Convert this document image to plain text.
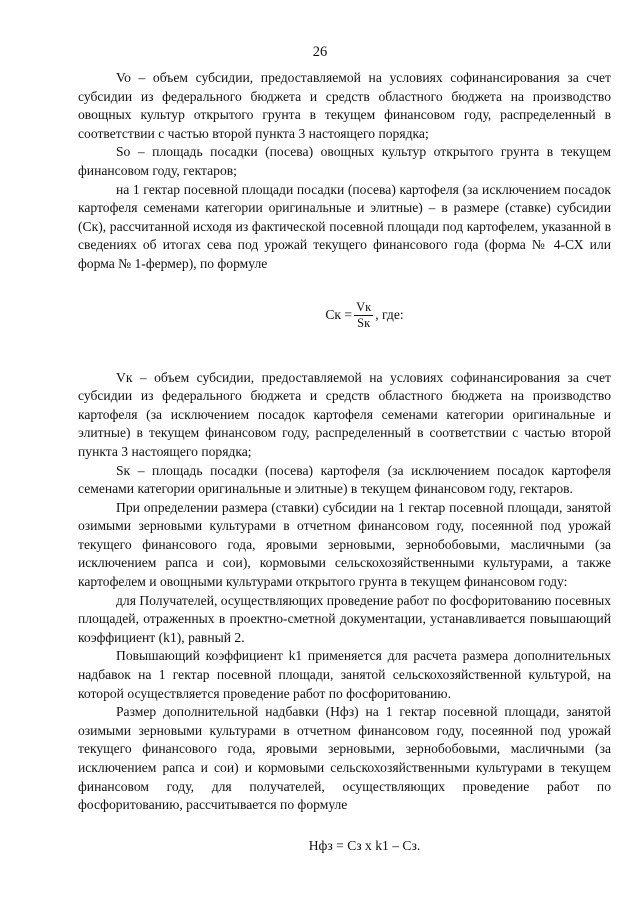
26

Vo – объем субсидии, предоставляемой на условиях софинансирования за счет субсидии из федерального бюджета и средств областного бюджета на производство овощных культур открытого грунта в текущем финансовом году, распределенный в соответствии с частью второй пункта 3 настоящего порядка;

So – площадь посадки (посева) овощных культур открытого грунта в текущем финансовом году, гектаров;

на 1 гектар посевной площади посадки (посева) картофеля (за исключением посадок картофеля семенами категории оригинальные и элитные) – в размере (ставке) субсидии (Ск), рассчитанной исходя из фактической посевной площади под картофелем, указанной в сведениях об итогах сева под урожай текущего финансового года (форма № 4-СХ или форма № 1-фермер), по формуле

Ск = $\frac{Vк}{Sк}$ , где:

Vк – объем субсидии, предоставляемой на условиях софинансирования за счет субсидии из федерального бюджета и средств областного бюджета на производство картофеля (за исключением посадок картофеля семенами категории оригинальные и элитные) в текущем финансовом году, распределенный в соответствии с частью второй пункта 3 настоящего порядка;

Sк – площадь посадки (посева) картофеля (за исключением посадок картофеля семенами категории оригинальные и элитные) в текущем финансовом году, гектаров.

При определении размера (ставки) субсидии на 1 гектар посевной площади, занятой озимыми зерновыми культурами в отчетном финансовом году, посеянной под урожай текущего финансового года, яровыми зерновыми, зернобобовыми, масличными (за исключением рапса и сои), кормовыми сельскохозяйственными культурами, а также картофелем и овощными культурами открытого грунта в текущем финансовом году:

для Получателей, осуществляющих проведение работ по фосфоритованию посевных площадей, отраженных в проектно-сметной документации, устанавливается повышающий коэффициент (k1), равный 2.

Повышающий коэффициент k1 применяется для расчета размера дополнительных надбавок на 1 гектар посевной площади, занятой сельскохозяйственной культурой, на которой осуществляется проведение работ по фосфоритованию.

Размер дополнительной надбавки (Нфз) на 1 гектар посевной площади, занятой озимыми зерновыми культурами в отчетном финансовом году, посеянной под урожай текущего финансового года, яровыми зерновыми, зернобобовыми, масличными (за исключением рапса и сои) и кормовыми сельскохозяйственными культурами в текущем финансовом году, для получателей, осуществляющих проведение работ по фосфоритованию, рассчитывается по формуле

Нфз = Сз x k1 – Сз.
